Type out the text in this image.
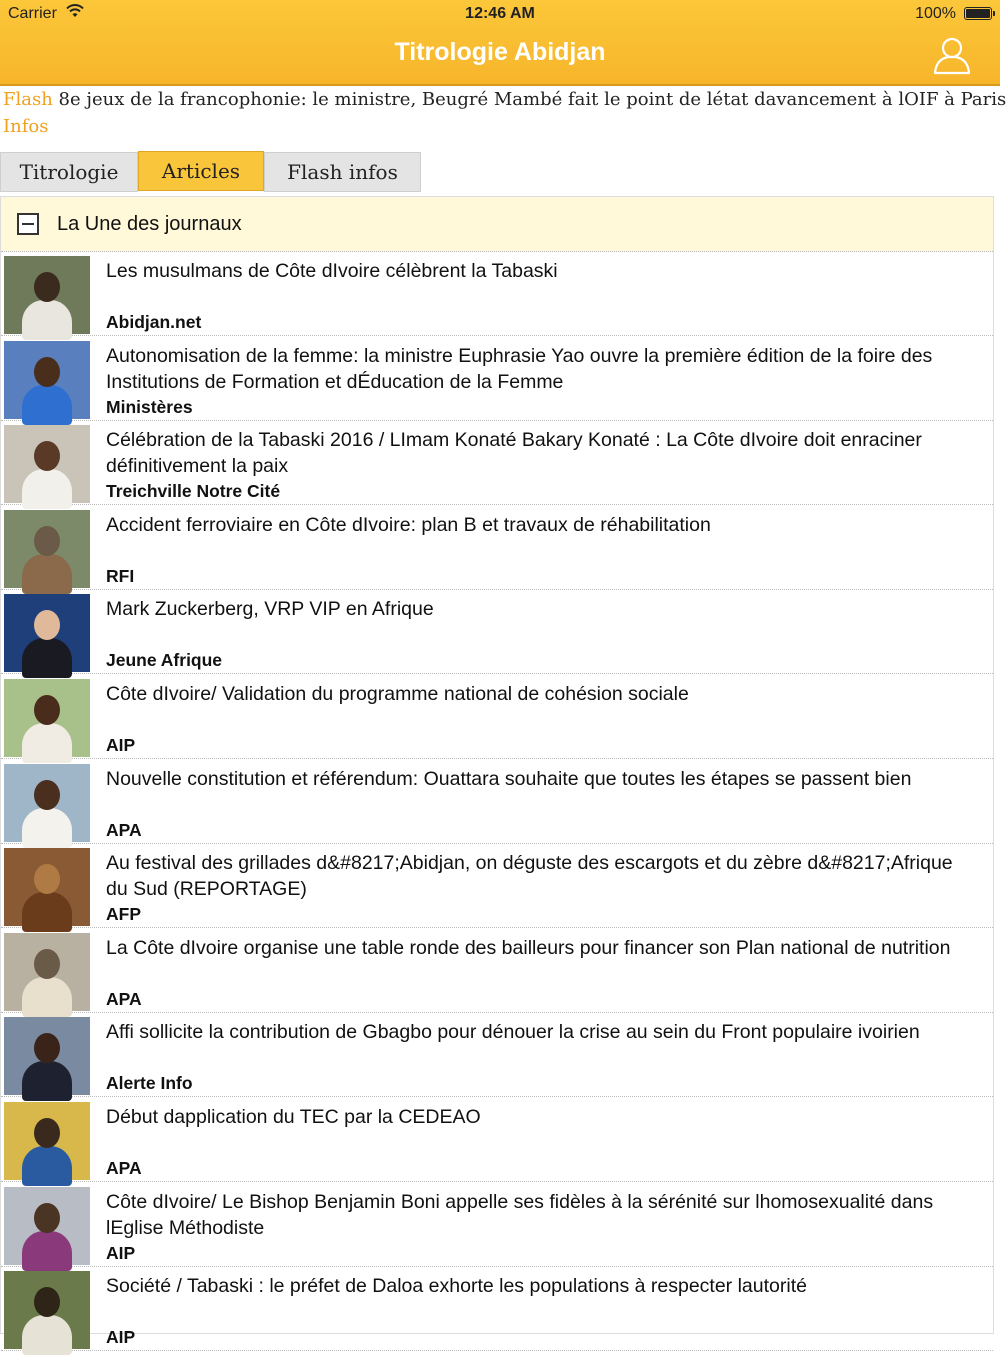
Carrier	12:46 AM	100%
Titrologie Abidjan
Flash 8e jeux de la francophonie: le ministre, Beugré Mambé fait le point de létat davancement à lOIF à Paris
Infos
Titrologie	Articles	Flash infos
La Une des journaux
Les musulmans de Côte dIvoire célèbrent la Tabaski
Abidjan.net
Autonomisation de la femme: la ministre Euphrasie Yao ouvre la première édition de la foire des Institutions de Formation et dÉducation de la Femme
Ministères
Célébration de la Tabaski 2016 / LImam Konaté Bakary Konaté : La Côte dIvoire doit enraciner définitivement la paix
Treichville Notre Cité
Accident ferroviaire en Côte dIvoire: plan B et travaux de réhabilitation
RFI
Mark Zuckerberg, VRP VIP en Afrique
Jeune Afrique
Côte dIvoire/ Validation du programme national de cohésion sociale
AIP
Nouvelle constitution et référendum: Ouattara souhaite que toutes les étapes se passent bien
APA
Au festival des grillades d&#8217;Abidjan, on déguste des escargots et du zèbre d&#8217;Afrique du Sud (REPORTAGE)
AFP
La Côte dIvoire organise une table ronde des bailleurs pour financer son Plan national de nutrition
APA
Affi sollicite la contribution de Gbagbo pour dénouer la crise au sein du Front populaire ivoirien
Alerte Info
Début dapplication du TEC par la CEDEAO
APA
Côte dIvoire/ Le Bishop Benjamin Boni appelle ses fidèles à la sérénité sur lhomosexualité dans lEglise Méthodiste
AIP
Société / Tabaski : le préfet de Daloa exhorte les populations à respecter lautorité
AIP
